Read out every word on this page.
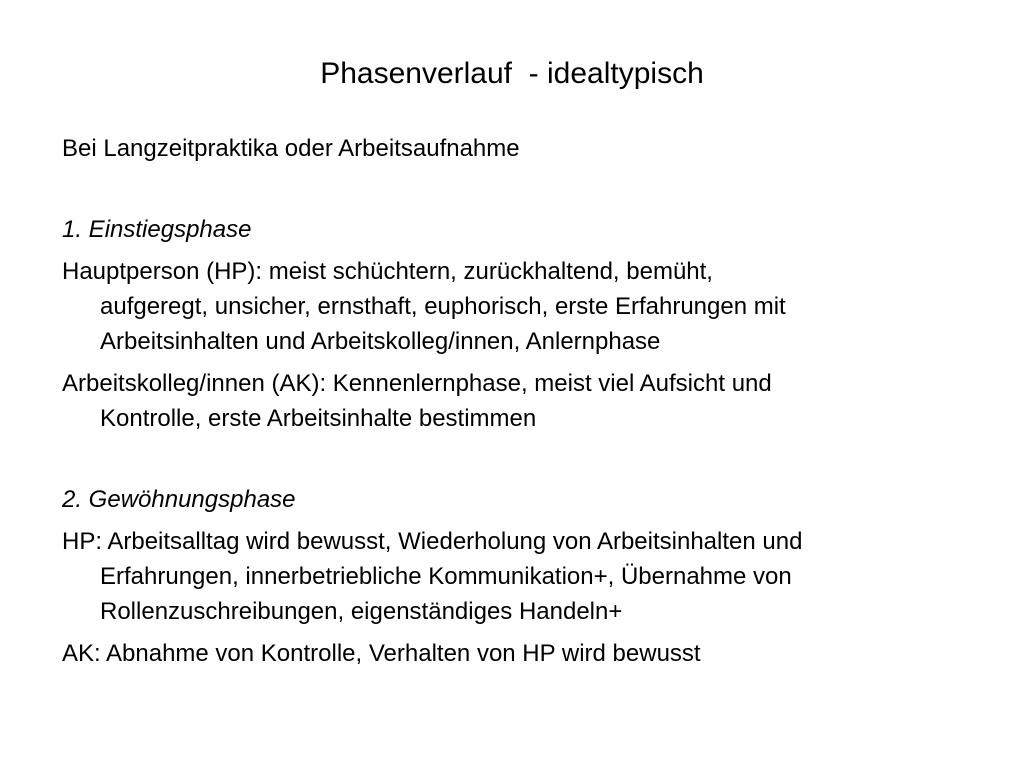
Phasenverlauf  - idealtypisch

Bei Langzeitpraktika oder Arbeitsaufnahme

1. Einstiegsphase

Hauptperson (HP): meist schüchtern, zurückhaltend, bemüht,

aufgeregt, unsicher, ernsthaft, euphorisch, erste Erfahrungen mit

Arbeitsinhalten und Arbeitskolleg/innen, Anlernphase

Arbeitskolleg/innen (AK): Kennenlernphase, meist viel Aufsicht und

Kontrolle, erste Arbeitsinhalte bestimmen

2. Gewöhnungsphase

HP: Arbeitsalltag wird bewusst, Wiederholung von Arbeitsinhalten und

Erfahrungen, innerbetriebliche Kommunikation+, Übernahme von

Rollenzuschreibungen, eigenständiges Handeln+

AK: Abnahme von Kontrolle, Verhalten von HP wird bewusst
